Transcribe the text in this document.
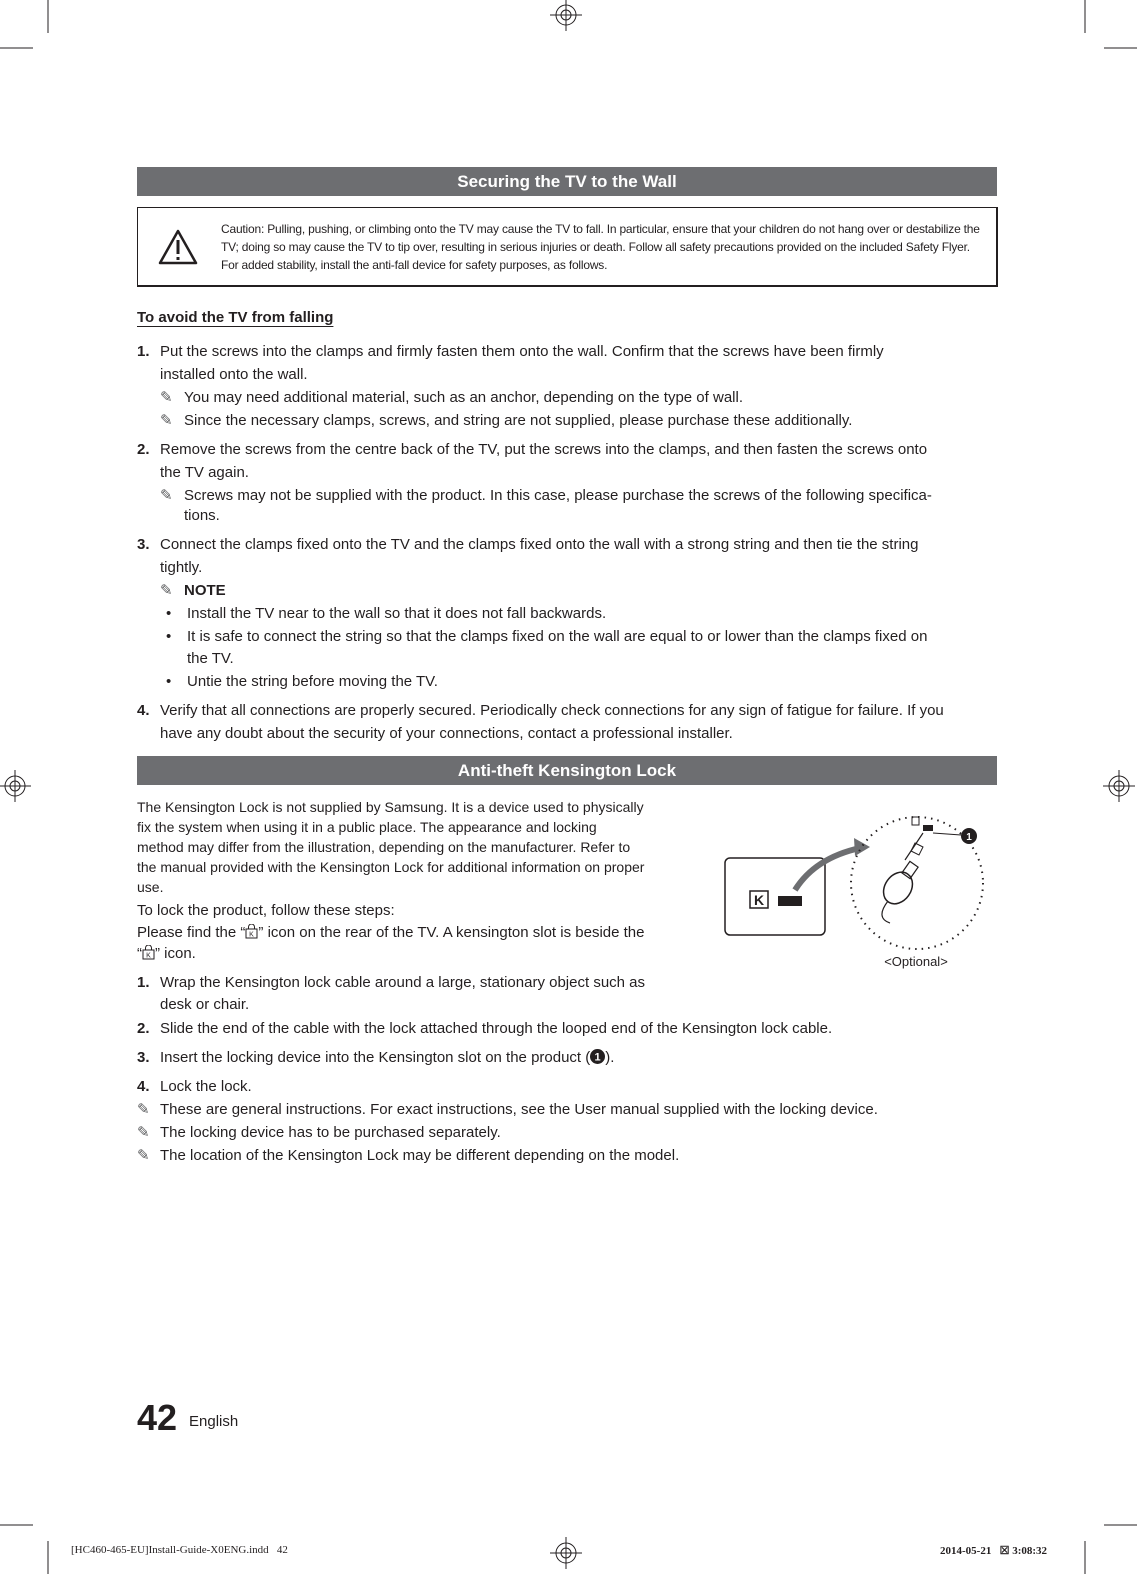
Securing the TV to the Wall
Caution: Pulling, pushing, or climbing onto the TV may cause the TV to fall. In particular, ensure that your children do not hang over or destabilize the TV; doing so may cause the TV to tip over, resulting in serious injuries or death. Follow all safety precautions provided on the included Safety Flyer. For added stability, install the anti-fall device for safety purposes, as follows.
To avoid the TV from falling
1. Put the screws into the clamps and firmly fasten them onto the wall. Confirm that the screws have been firmly
installed onto the wall.
✎ You may need additional material, such as an anchor, depending on the type of wall.
✎ Since the necessary clamps, screws, and string are not supplied, please purchase these additionally.
2. Remove the screws from the centre back of the TV, put the screws into the clamps, and then fasten the screws onto
the TV again.
✎ Screws may not be supplied with the product. In this case, please purchase the screws of the following specifica-
tions.
3. Connect the clamps fixed onto the TV and the clamps fixed onto the wall with a strong string and then tie the string
tightly.
✎ NOTE
• Install the TV near to the wall so that it does not fall backwards.
• It is safe to connect the string so that the clamps fixed on the wall are equal to or lower than the clamps fixed on
the TV.
• Untie the string before moving the TV.
4. Verify that all connections are properly secured. Periodically check connections for any sign of fatigue for failure. If you
have any doubt about the security of your connections, contact a professional installer.
Anti-theft Kensington Lock
The Kensington Lock is not supplied by Samsung. It is a device used to physically
fix the system when using it in a public place. The appearance and locking
method may differ from the illustration, depending on the manufacturer. Refer to
the manual provided with the Kensington Lock for additional information on proper
use.
To lock the product, follow these steps:
Please find the “ K ” icon on the rear of the TV. A kensington slot is beside the
“ K ” icon.
1. Wrap the Kensington lock cable around a large, stationary object such as
desk or chair.
2. Slide the end of the cable with the lock attached through the looped end of the Kensington lock cable.
3. Insert the locking device into the Kensington slot on the product ( 1 ).
4. Lock the lock.
✎ These are general instructions. For exact instructions, see the User manual supplied with the locking device.
✎ The locking device has to be purchased separately.
✎ The location of the Kensington Lock may be different depending on the model.
K
1
<Optional>
42 English
[HC460-465-EU]Install-Guide-X0ENG.indd   42	2014-05-21   ☒ 3:08:32
